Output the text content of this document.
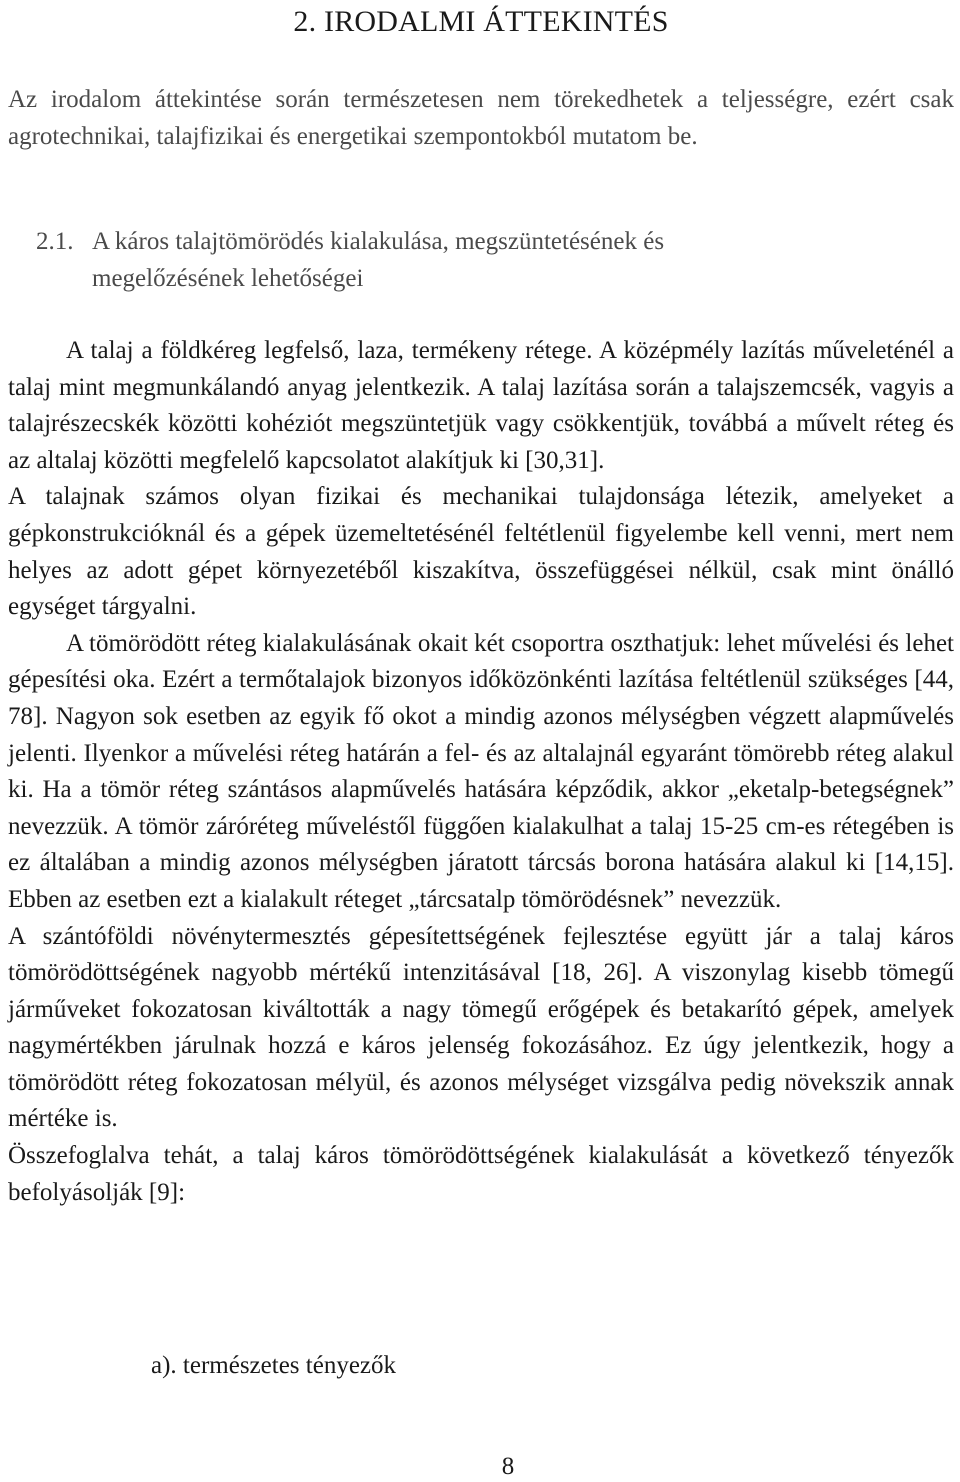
2. IRODALMI ÁTTEKINTÉS

Az irodalom áttekintése során természetesen nem törekedhetek a teljességre, ezért csak agrotechnikai, talajfizikai és energetikai szempontokból mutatom be.

2.1. A káros talajtömörödés kialakulása, megszüntetésének és
megelőzésének lehetőségei

A talaj a földkéreg legfelső, laza, termékeny rétege. A középmély lazítás műveleténél a talaj mint megmunkálandó anyag jelentkezik. A talaj lazítása során a talajszemcsék, vagyis a talajrészecskék közötti kohéziót megszüntetjük vagy csökkentjük, továbbá a művelt réteg és az altalaj közötti megfelelő kapcsolatot alakítjuk ki [30,31].

A talajnak számos olyan fizikai és mechanikai tulajdonsága létezik, amelyeket a gépkonstrukcióknál és a gépek üzemeltetésénél feltétlenül figyelembe kell venni, mert nem helyes az adott gépet környezetéből kiszakítva, összefüggései nélkül, csak mint önálló egységet tárgyalni.

A tömörödött réteg kialakulásának okait két csoportra oszthatjuk: lehet művelési és lehet gépesítési oka. Ezért a termőtalajok bizonyos időközönkénti lazítása feltétlenül szükséges [44, 78]. Nagyon sok esetben az egyik fő okot a mindig azonos mélységben végzett alapművelés jelenti. Ilyenkor a művelési réteg határán a fel- és az altalajnál egyaránt tömörebb réteg alakul ki. Ha a tömör réteg szántásos alapművelés hatására képződik, akkor „eketalp-betegségnek” nevezzük. A tömör záróréteg műveléstől függően kialakulhat a talaj 15-25 cm-es rétegében is ez általában a mindig azonos mélységben járatott tárcsás borona hatására alakul ki [14,15]. Ebben az esetben ezt a kialakult réteget „tárcsatalp tömörödésnek” nevezzük.

A szántóföldi növénytermesztés gépesítettségének fejlesztése együtt jár a talaj káros tömörödöttségének nagyobb mértékű intenzitásával [18, 26]. A viszonylag kisebb tömegű járműveket fokozatosan kiváltották a nagy tömegű erőgépek és betakarító gépek, amelyek nagymértékben járulnak hozzá e káros jelenség fokozásához. Ez úgy jelentkezik, hogy a tömörödött réteg fokozatosan mélyül, és azonos mélységet vizsgálva pedig növekszik annak mértéke is.

Összefoglalva tehát, a talaj káros tömörödöttségének kialakulását a következő tényezők befolyásolják [9]:

a). természetes tényezők
8
